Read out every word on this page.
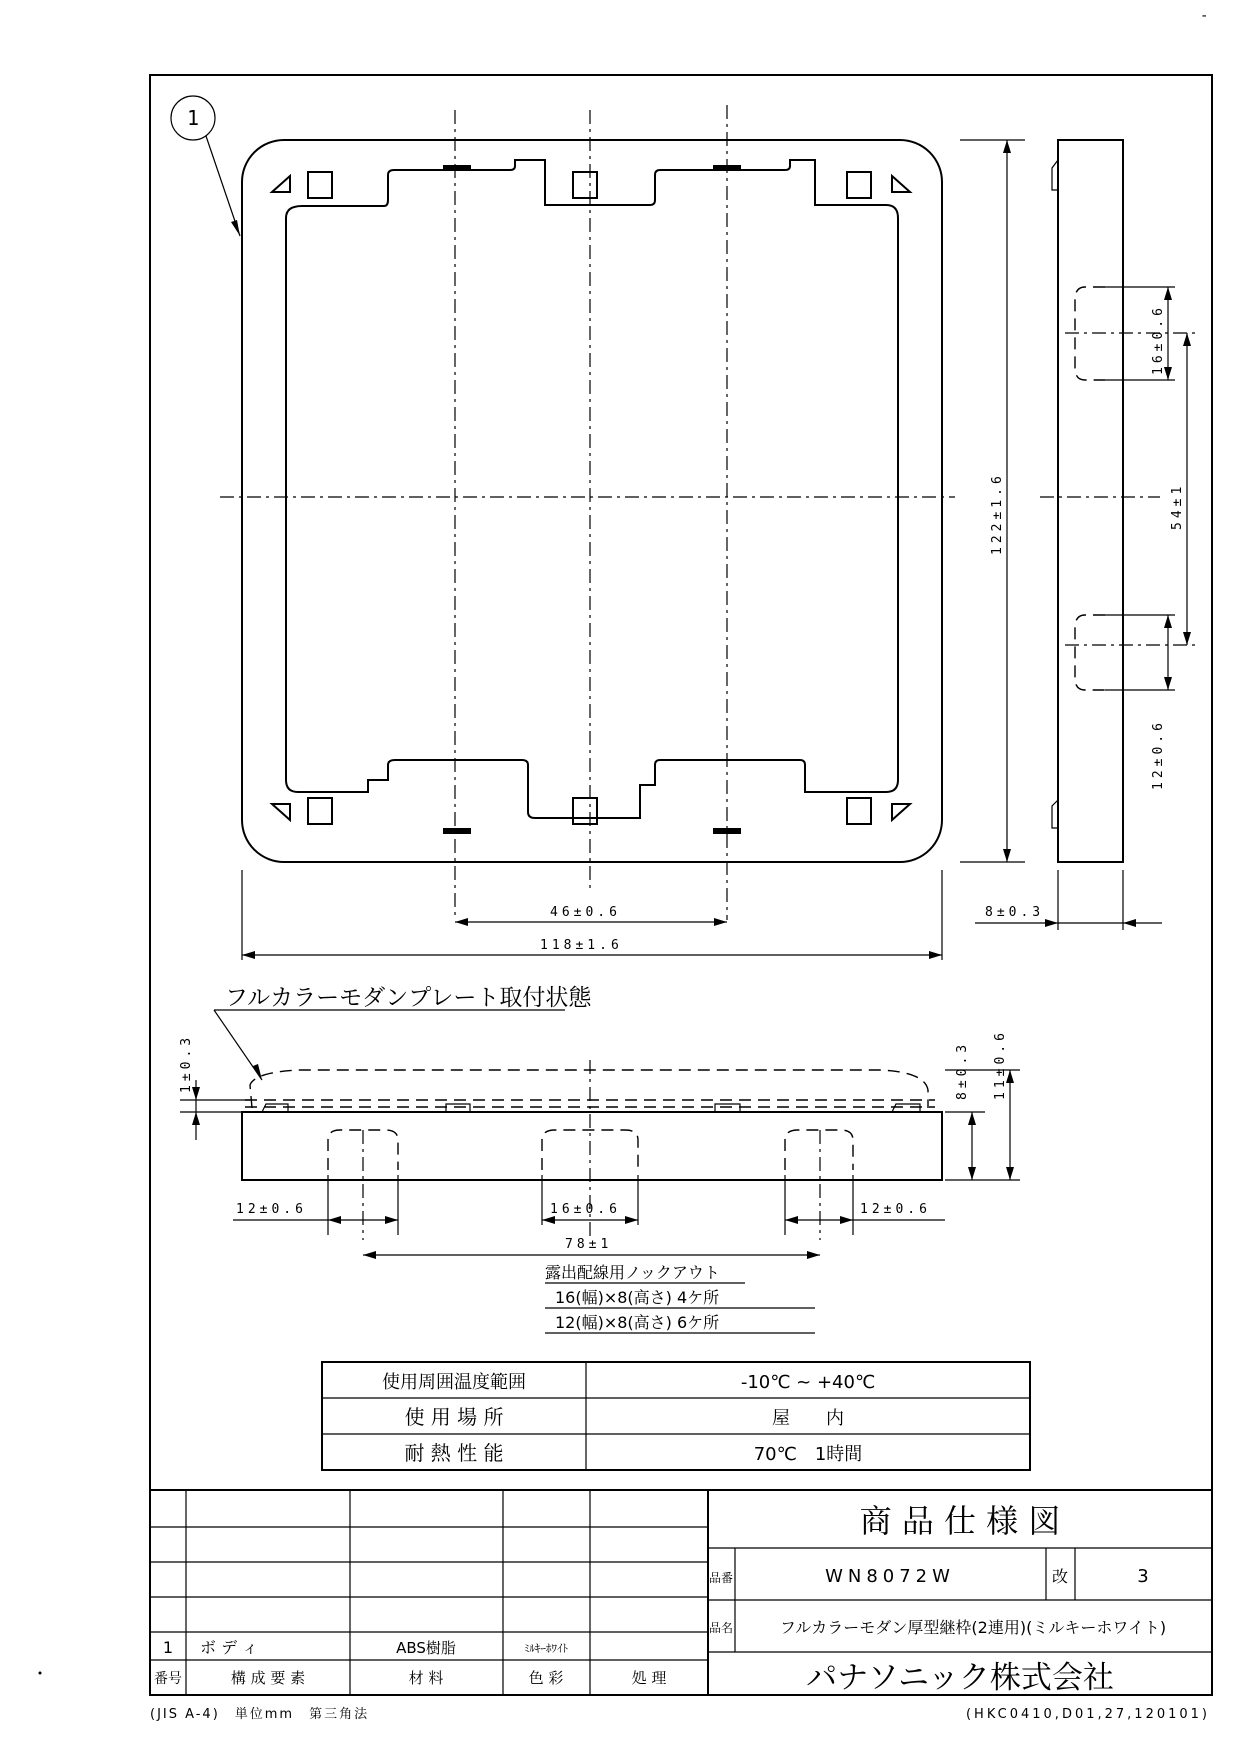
1
46±0.6
118±1.6
122±1.6
16±0.6
54±1
12±0.6
8±0.3
フルカラーモダンプレート取付状態
1±0.3	8±0.3 11±0.6
12±0.6	16±0.6	12±0.6
78±1
露出配線用ノックアウト
16(幅)×8(高さ) 4ケ所
12(幅)×8(高さ) 6ケ所
使用周囲温度範囲	-10℃ ~ +40℃
使 用 場 所	屋　　内
耐 熱 性 能	70℃　1時間
商 品 仕 様 図
品番	WN8072W	改	3
品名	フルカラーモダン厚型継枠(2連用)(ミルキーホワイト)
パナソニック株式会社
1 ボ デ ィ	ABS樹脂	ﾐﾙｷｰﾎﾜｲﾄ
番号	構 成 要 素	材 料	色 彩	処 理
(JIS A-4)　単位mm　第三角法	(HKC0410,D01,27,120101)
-
